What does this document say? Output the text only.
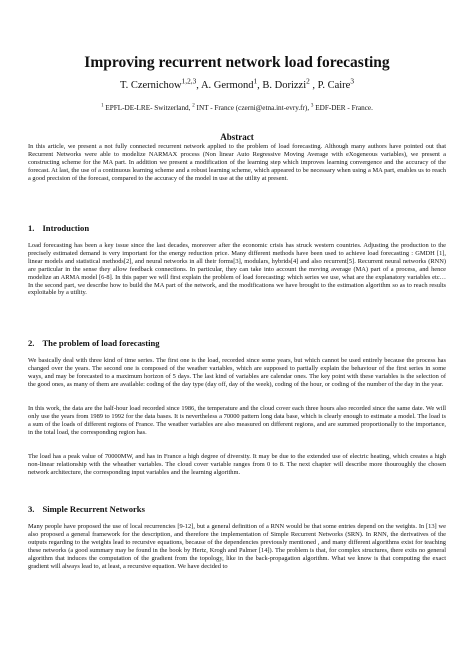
Improving recurrent network load forecasting
T. Czernichow$^{1,2,3}$, A. Germond$^1$, B. Dorizzi$^2$ , P. Caire$^3$
$^1$ EPFL-DE-LRE- Switzerland, $^2$ INT - France (czerni@etna.int-evry.fr), $^3$ EDF-DER - France.
Abstract

In this article, we present a not fully connected recurrent network applied to the problem of load forecasting. Although many authors have pointed out that Recurrent Networks were able to modelize NARMAX process (Non linear Auto Regressive Moving Average with eXogeneous variables), we present a constructing scheme for the MA part. In addition we present a modification of the learning step which improves learning convergence and the accuracy of the forecast. At last, the use of a continuous learning scheme and a robust learning scheme, which appeared to be necessary when using a MA part, enables us to reach a good precision of the forecast, compared to the accuracy of the model in use at the utility at present.

1. Introduction

Load forecasting has been a key issue since the last decades, moreover after the economic crisis has struck western countries. Adjusting the production to the precisely estimated demand is very important for the energy reduction price. Many different methods have been used to achieve load forecasting : GMDH [1], linear models and statistical methods[2], and neural networks in all their forms[3], modulars, hybrids[4] and also recurrent[5]. Recurrent neural networks (RNN) are particular in the sense they allow feedback connections. In particular, they can take into account the moving average (MA) part of a process, and hence modelize an ARMA model [6-8]. In this paper we will first explain the problem of load forecasting: which series we use, what are the explanatory variables etc… In the second part, we describe how to build the MA part of the network, and the modifications we have brought to the estimation algorithm so as to reach results exploitable by a utility.

2. The problem of load forecasting

We basically deal with three kind of time series. The first one is the load, recorded since some years, but which cannot be used entirely because the process has changed over the years. The second one is composed of the weather variables, which are supposed to partially explain the behaviour of the first series in some ways, and may be forecasted to a maximum horizon of 5 days. The last kind of variables are calendar ones. The key point with these variables is the selection of the good ones, as many of them are available: coding of the day type (day off, day of the week), coding of the hour, or coding of the number of the day in the year.

In this work, the data are the half-hour load recorded since 1986, the temperature and the cloud cover each three hours also recorded since the same date. We will only use the years from 1989 to 1992 for the data bases. It is nevertheless a 70000 pattern long data base, which is clearly enough to estimate a model. The load is a sum of the loads of different regions of France. The weather variables are also measured on different regions, and are summed proportionally to the importance, in the total load, the corresponding region has.

The load has a peak value of 70000MW, and has in France a high degree of diversity. It may be due to the extended use of electric heating, which creates a high non-linear relationship with the wheather variables. The cloud cover variable ranges from 0 to 8. The next chapter will describe more thouroughly the chosen network architecture, the corresponding input variables and the learning algorithm.

3. Simple Recurrent Networks

Many people have proposed the use of local recurrencies [9-12], but a general definition of a RNN would be that some entries depend on the weights. In [13] we also proposed a general framework for the description, and therefore the implementation of Simple Recurrent Networks (SRN). In RNN, the derivatives of the outputs regarding to the weights lead to recursive equations, because of the dependencies previously mentioned , and many different algorithms exist for teaching these networks (a good summary may be found in the book by Hertz, Krogh and Palmer [14]). The problem is that, for complex structures, there exits no general algorithm that induces the computation of the gradient from the topology, like in the back-propagation algorithm. What we know is that computing the exact gradient will always lead to, at least, a recursive equation. We have decided to
